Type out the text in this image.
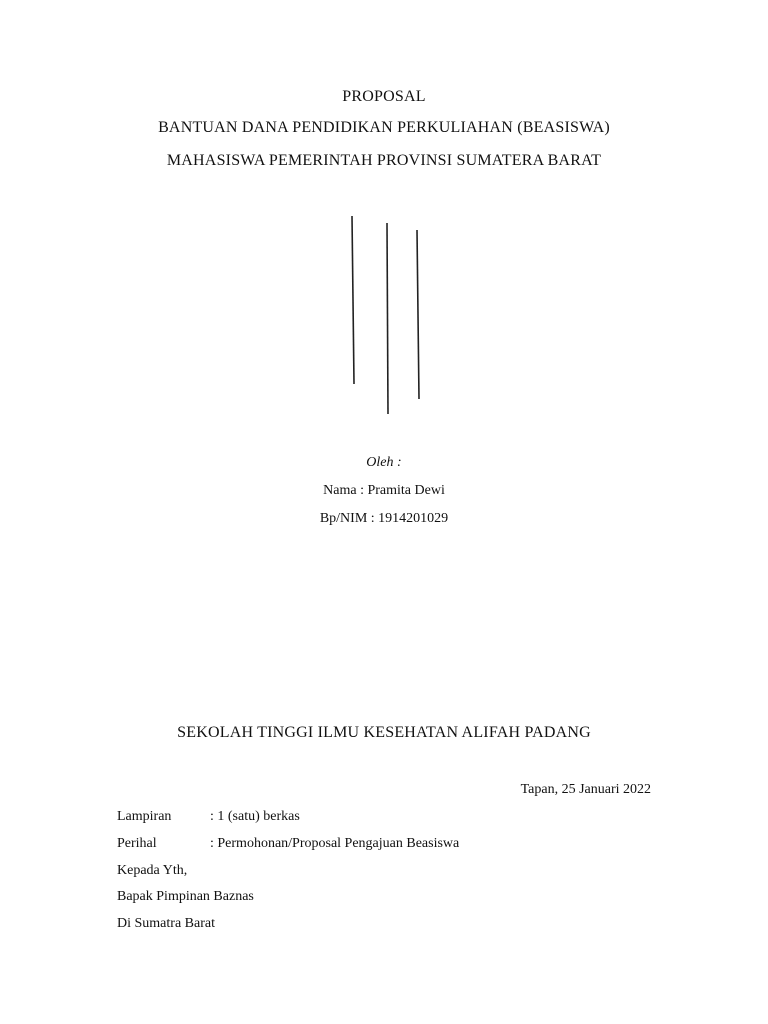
PROPOSAL
BANTUAN DANA PENDIDIKAN PERKULIAHAN (BEASISWA)
MAHASISWA PEMERINTAH PROVINSI SUMATERA BARAT
Oleh :
Nama : Pramita Dewi
Bp/NIM : 1914201029
SEKOLAH TINGGI ILMU KESEHATAN ALIFAH PADANG
Tapan, 25 Januari 2022
Lampiran	: 1 (satu) berkas
Perihal	: Permohonan/Proposal Pengajuan Beasiswa
Kepada Yth,
Bapak Pimpinan Baznas
Di Sumatra Barat
